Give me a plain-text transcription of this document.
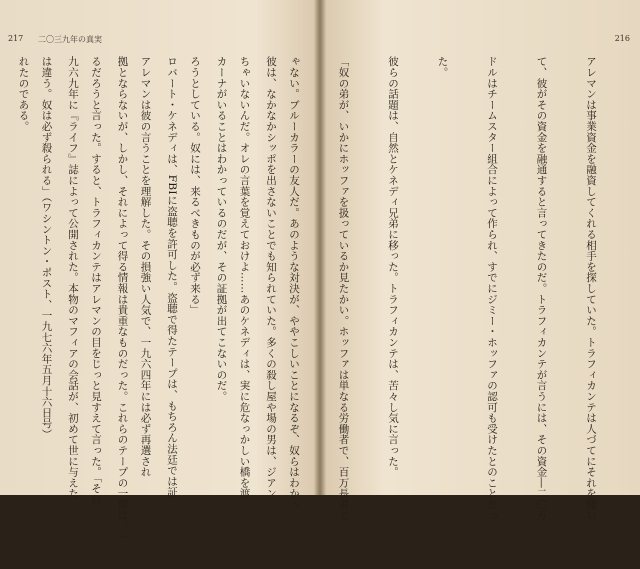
217 二〇三九年の真実

彼は、なかなかシッポを出さないことでも知られていた。多くの殺し屋や場の男は、ジアン

カーナがいることはわかっているのだが、その証拠が出てこないのだ。

ロバート・ケネディは、FBIに盗聴を許可した。盗聴で得たテープは、もちろん法廷では証

拠とならないが、しかし、それによって得る情報は貴重なものだった。これらのテープの一部は、一

九六九年に『ライフ』誌によって公開された。本物のマフィアの会話が、初めて世に与えた

れたのである。

216

アレマンは事業資金を融資してくれる相手を探していた。トラフィカンテは人づてにそれを聞い

て、彼がその資金を融通すると言ってきたのだ。トラフィカンテが言うには、その資金―二〇万

ドルはチームスター組合によって作られ、すでにジミー・ホッファの認可も受けたとのことだっ

た。

彼らの話題は、自然とケネディ兄弟に移った。トラフィカンテは、苦々し気に言った。

「奴の弟が、いかにホッファを扱っているか見たかい。ホッファは単なる労働者で、百万長者じ

ゃない。ブルーカラーの友人だ。あのような対決が、ややこしいことになるぞ、奴らはわかっ

ちゃいないんだ。オレの言葉を覚えておけよ……あのケネディは、実に危なっかしい橋を渡

ろうとしている。奴には、来るべきものが必ず来る」

アレマンは彼の言うことを理解した。その損強い人気で、一九六四年には必ず再選され

るだろうと言った。すると、トラフィカンテはアレマンの目をじっと見すえて言った。「それ

は違う。奴は必ず殺られる」（ワシントン・ポスト、一九七六年五月十六日号）
